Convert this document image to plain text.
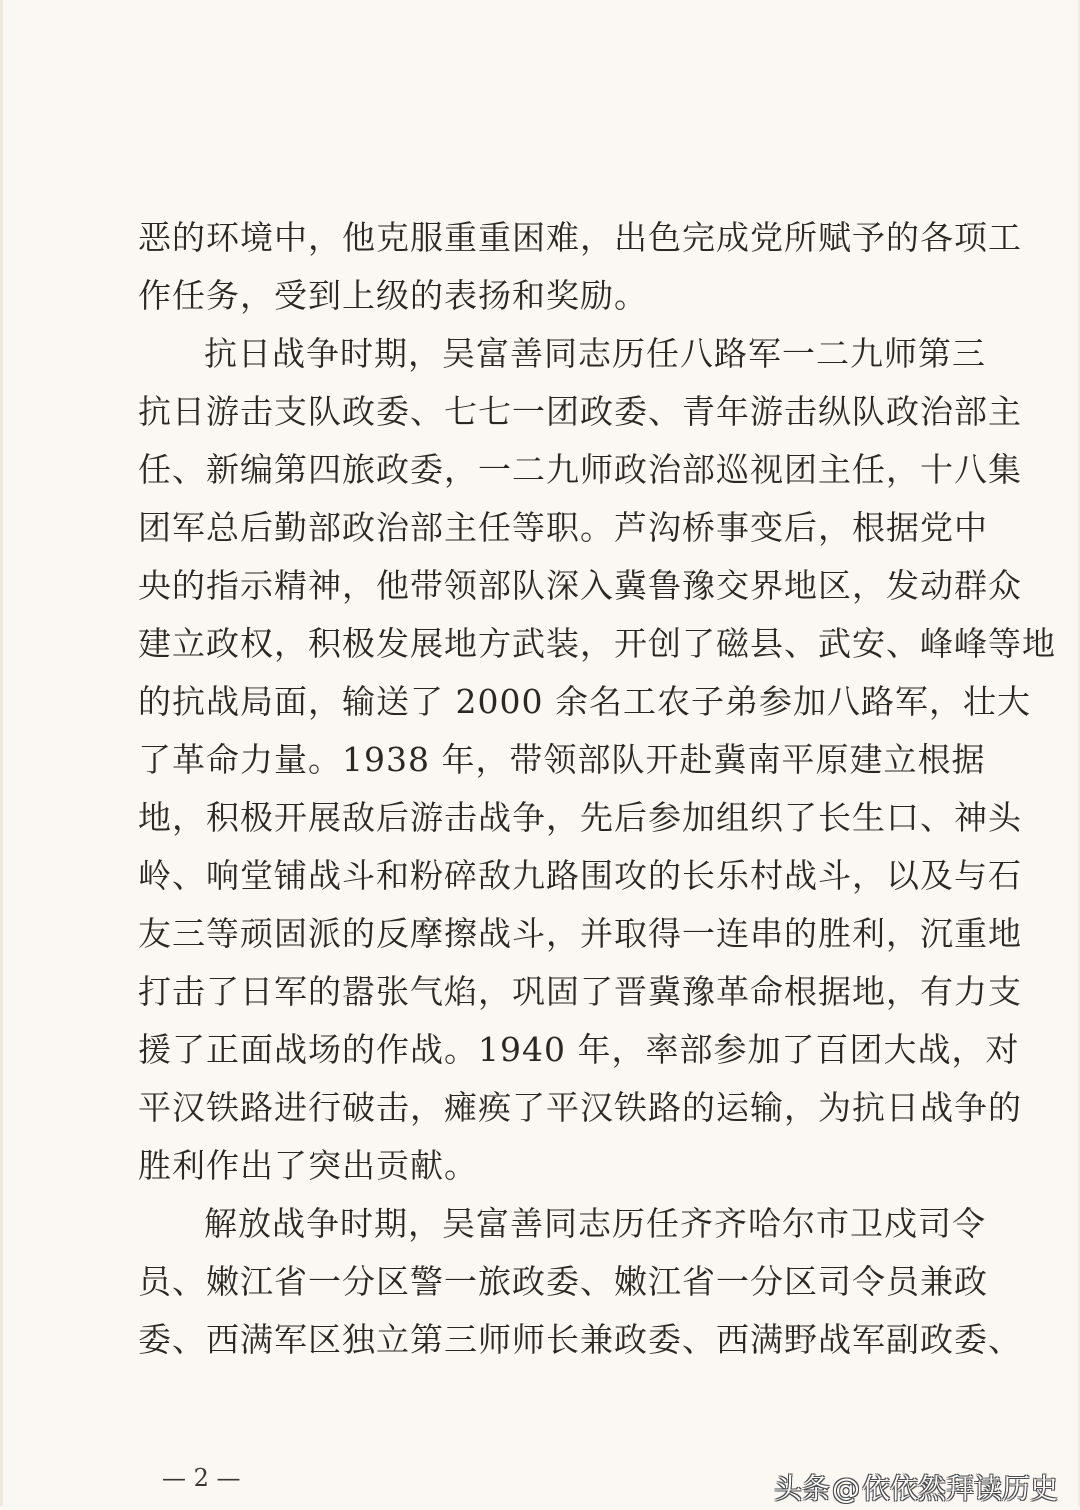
恶的环境中，他克服重重困难，出色完成党所赋予的各项工
作任务，受到上级的表扬和奖励。
抗日战争时期，吴富善同志历任八路军一二九师第三
抗日游击支队政委、七七一团政委、青年游击纵队政治部主
任、新编第四旅政委，一二九师政治部巡视团主任，十八集
团军总后勤部政治部主任等职。芦沟桥事变后，根据党中
央的指示精神，他带领部队深入冀鲁豫交界地区，发动群众
建立政权，积极发展地方武装，开创了磁县、武安、峰峰等地
的抗战局面，输送了 2000 余名工农子弟参加八路军，壮大
了革命力量。1938 年，带领部队开赴冀南平原建立根据
地，积极开展敌后游击战争，先后参加组织了长生口、神头
岭、响堂铺战斗和粉碎敌九路围攻的长乐村战斗，以及与石
友三等顽固派的反摩擦战斗，并取得一连串的胜利，沉重地
打击了日军的嚣张气焰，巩固了晋冀豫革命根据地，有力支
援了正面战场的作战。1940 年，率部参加了百团大战，对
平汉铁路进行破击，瘫痪了平汉铁路的运输，为抗日战争的
胜利作出了突出贡献。
解放战争时期，吴富善同志历任齐齐哈尔市卫戍司令
员、嫩江省一分区警一旅政委、嫩江省一分区司令员兼政
委、西满军区独立第三师师长兼政委、西满野战军副政委、
— 2 —	头条@依依然拜读历史
